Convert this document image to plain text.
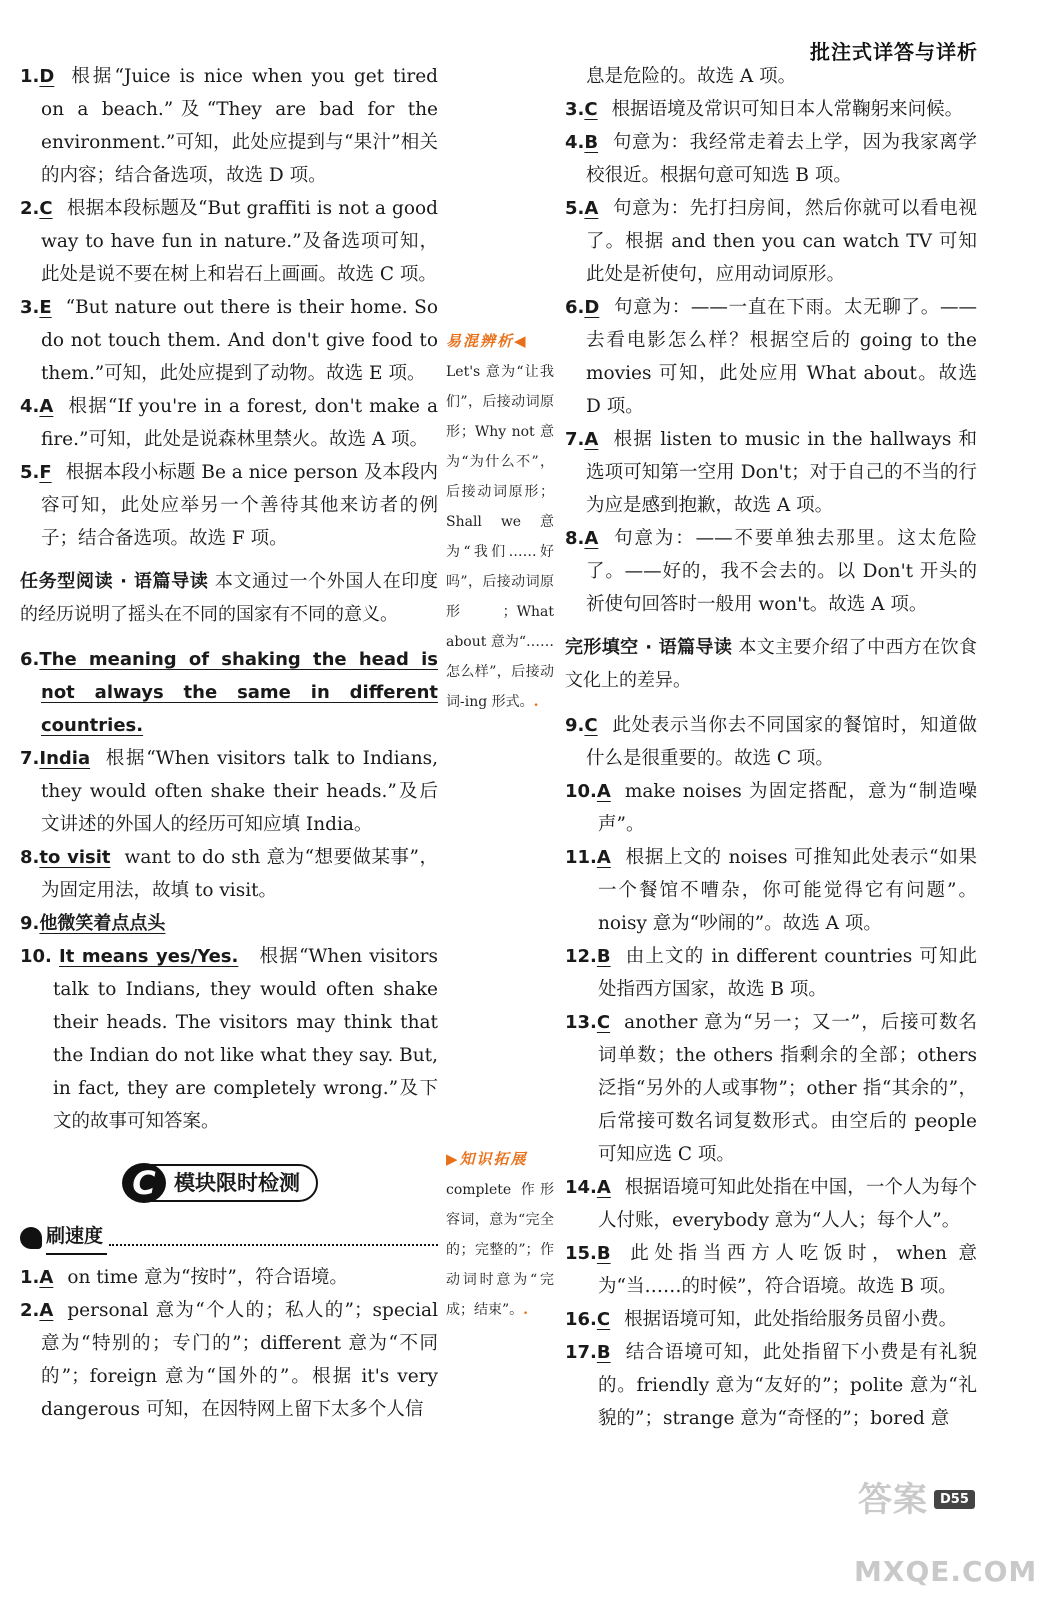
批注式详答与详析
1.D 根据“Juice is nice when you get tired on a beach.”及“They are bad for the environment.”可知，此处应提到与“果汁”相关的内容；结合备选项，故选 D 项。
2.C 根据本段标题及“But graffiti is not a good way to have fun in nature.”及备选项可知，此处是说不要在树上和岩石上画画。故选 C 项。
3.E “But nature out there is their home. So do not touch them. And don't give food to them.”可知，此处应提到了动物。故选 E 项。
4.A 根据“If you're in a forest, don't make a fire.”可知，此处是说森林里禁火。故选 A 项。
5.F 根据本段小标题 Be a nice person 及本段内容可知，此处应举另一个善待其他来访者的例子；结合备选项。故选 F 项。
任务型阅读 · 语篇导读 本文通过一个外国人在印度的经历说明了摇头在不同的国家有不同的意义。
6.The meaning of shaking the head is not always the same in different countries.
7.India 根据“When visitors talk to Indians, they would often shake their heads.”及后文讲述的外国人的经历可知应填 India。
8.to visit want to do sth 意为“想要做某事”，为固定用法，故填 to visit。
9.他微笑着点点头
10. It means yes/Yes. 根据“When visitors talk to Indians, they would often shake their heads. The visitors may think that the Indian do not like what they say. But, in fact, they are completely wrong.”及下文的故事可知答案。
C 模块限时检测
刷速度
1.A on time 意为“按时”，符合语境。
2.A personal 意为“个人的；私人的”；special 意为“特别的；专门的”；different 意为“不同的”；foreign 意为“国外的”。根据 it's very dangerous 可知，在因特网上留下太多个人信
易混辨析◀
Let's 意为“让我们”，后接动词原形；Why not 意为“为什么不”，后接动词原形；Shall we 意为“我们……好吗”，后接动词原形；What about 意为“……怎么样”，后接动词-ing 形式。.
▶知识拓展
complete 作形容词，意为“完全的；完整的”；作动词时意为“完成；结束”。.
息是危险的。故选 A 项。
3.C 根据语境及常识可知日本人常鞠躬来问候。
4.B 句意为：我经常走着去上学，因为我家离学校很近。根据句意可知选 B 项。
5.A 句意为：先打扫房间，然后你就可以看电视了。根据 and then you can watch TV 可知此处是祈使句，应用动词原形。
6.D 句意为：——一直在下雨。太无聊了。——去看电影怎么样？根据空后的 going to the movies 可知，此处应用 What about。故选 D 项。
7.A 根据 listen to music in the hallways 和选项可知第一空用 Don't；对于自己的不当的行为应是感到抱歉，故选 A 项。
8.A 句意为：——不要单独去那里。这太危险了。——好的，我不会去的。以 Don't 开头的祈使句回答时一般用 won't。故选 A 项。
完形填空 · 语篇导读 本文主要介绍了中西方在饮食文化上的差异。
9.C 此处表示当你去不同国家的餐馆时，知道做什么是很重要的。故选 C 项。
10.A make noises 为固定搭配，意为“制造噪声”。
11.A 根据上文的 noises 可推知此处表示“如果一个餐馆不嘈杂，你可能觉得它有问题”。noisy 意为“吵闹的”。故选 A 项。
12.B 由上文的 in different countries 可知此处指西方国家，故选 B 项。
13.C another 意为“另一；又一”，后接可数名词单数；the others 指剩余的全部；others 泛指“另外的人或事物”；other 指“其余的”，后常接可数名词复数形式。由空后的 people 可知应选 C 项。
14.A 根据语境可知此处指在中国，一个人为每个人付账，everybody 意为“人人；每个人”。
15.B 此处指当西方人吃饭时，when 意为“当……的时候”，符合语境。故选 B 项。
16.C 根据语境可知，此处指给服务员留小费。
17.B 结合语境可知，此处指留下小费是有礼貌的。friendly 意为“友好的”；polite 意为“礼貌的”；strange 意为“奇怪的”；bored 意
答案
MXQE.COM
D55
